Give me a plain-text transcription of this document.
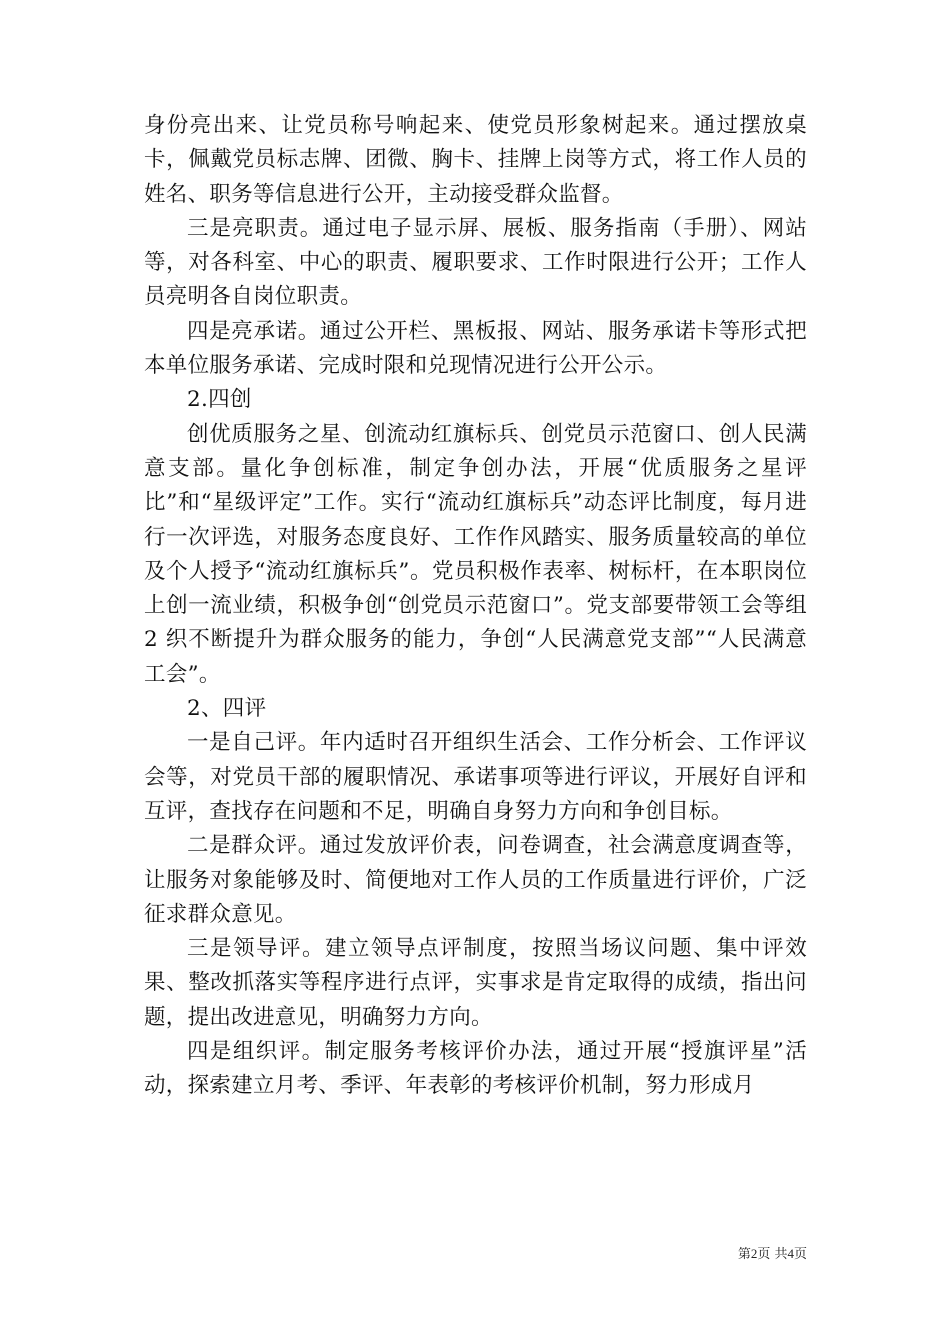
身份亮出来、让党员称号响起来、使党员形象树起来。通过摆放桌卡，佩戴党员标志牌、团微、胸卡、挂牌上岗等方式，将工作人员的姓名、职务等信息进行公开，主动接受群众监督。

三是亮职责。通过电子显示屏、展板、服务指南（手册）、网站等，对各科室、中心的职责、履职要求、工作时限进行公开；工作人员亮明各自岗位职责。

四是亮承诺。通过公开栏、黑板报、网站、服务承诺卡等形式把本单位服务承诺、完成时限和兑现情况进行公开公示。

2.四创

创优质服务之星、创流动红旗标兵、创党员示范窗口、创人民满意支部。量化争创标准，制定争创办法，开展“优质服务之星评比”和“星级评定”工作。实行“流动红旗标兵”动态评比制度，每月进行一次评选，对服务态度良好、工作作风踏实、服务质量较高的单位及个人授予“流动红旗标兵”。党员积极作表率、树标杆，在本职岗位上创一流业绩，积极争创“创党员示范窗口”。党支部要带领工会等组 2 织不断提升为群众服务的能力，争创“人民满意党支部”“人民满意工会”。

2、四评

一是自己评。年内适时召开组织生活会、工作分析会、工作评议会等，对党员干部的履职情况、承诺事项等进行评议，开展好自评和互评，查找存在问题和不足，明确自身努力方向和争创目标。

二是群众评。通过发放评价表，问卷调查，社会满意度调查等，让服务对象能够及时、简便地对工作人员的工作质量进行评价，广泛征求群众意见。

三是领导评。建立领导点评制度，按照当场议问题、集中评效果、整改抓落实等程序进行点评，实事求是肯定取得的成绩，指出问题，提出改进意见，明确努力方向。

四是组织评。制定服务考核评价办法，通过开展“授旗评星”活动，探索建立月考、季评、年表彰的考核评价机制，努力形成月

第2页 共4页
